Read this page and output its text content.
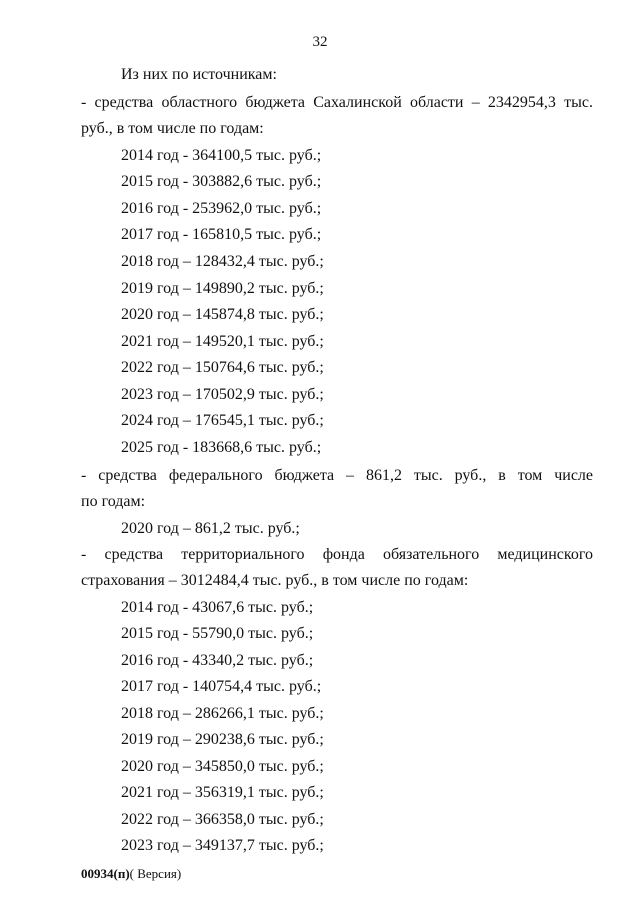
32
Из них по источникам:
- средства областного бюджета Сахалинской области – 2342954,3 тыс.
руб., в том числе по годам:
2014 год - 364100,5 тыс. руб.;
2015 год - 303882,6 тыс. руб.;
2016 год - 253962,0 тыс. руб.;
2017 год - 165810,5 тыс. руб.;
2018 год – 128432,4 тыс. руб.;
2019 год – 149890,2 тыс. руб.;
2020 год – 145874,8 тыс. руб.;
2021 год – 149520,1 тыс. руб.;
2022 год – 150764,6 тыс. руб.;
2023 год – 170502,9 тыс. руб.;
2024 год – 176545,1 тыс. руб.;
2025 год - 183668,6 тыс. руб.;
- средства федерального бюджета – 861,2 тыс. руб., в том числе
по годам:
2020 год – 861,2 тыс. руб.;
- средства территориального фонда обязательного медицинского
страхования – 3012484,4 тыс. руб., в том числе по годам:
2014 год - 43067,6 тыс. руб.;
2015 год - 55790,0 тыс. руб.;
2016 год - 43340,2 тыс. руб.;
2017 год - 140754,4 тыс. руб.;
2018 год – 286266,1 тыс. руб.;
2019 год – 290238,6 тыс. руб.;
2020 год – 345850,0 тыс. руб.;
2021 год – 356319,1 тыс. руб.;
2022 год – 366358,0 тыс. руб.;
2023 год – 349137,7 тыс. руб.;
00934(п)( Версия)
